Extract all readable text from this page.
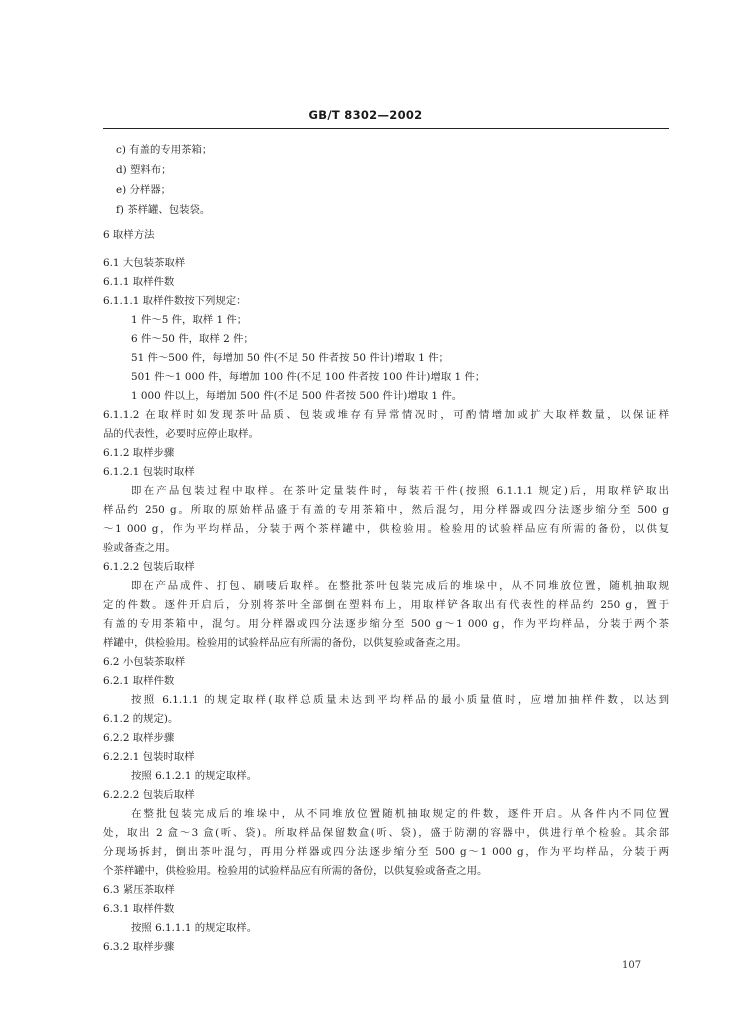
GB/T 8302—2002
c) 有盖的专用茶箱；
d) 塑料布；
e) 分样器；
f) 茶样罐、包装袋。
6 取样方法
6.1 大包装茶取样
6.1.1 取样件数
6.1.1.1 取样件数按下列规定：
1 件～5 件，取样 1 件；
6 件～50 件，取样 2 件；
51 件～500 件，每增加 50 件(不足 50 件者按 50 件计)增取 1 件；
501 件～1 000 件，每增加 100 件(不足 100 件者按 100 件计)增取 1 件；
1 000 件以上，每增加 500 件(不足 500 件者按 500 件计)增取 1 件。
6.1.1.2 在取样时如发现茶叶品质、包装或堆存有异常情况时，可酌情增加或扩大取样数量，以保证样
品的代表性，必要时应停止取样。
6.1.2 取样步骤
6.1.2.1 包装时取样
即在产品包装过程中取样。在茶叶定量装件时，每装若干件(按照 6.1.1.1 规定)后，用取样铲取出
样品约 250 g。所取的原始样品盛于有盖的专用茶箱中，然后混匀，用分样器或四分法逐步缩分至 500 g
～1 000 g，作为平均样品，分装于两个茶样罐中，供检验用。检验用的试验样品应有所需的备份，以供复
验或备查之用。
6.1.2.2 包装后取样
即在产品成件、打包、刷唛后取样。在整批茶叶包装完成后的堆垛中，从不同堆放位置，随机抽取规
定的件数。逐件开启后，分别将茶叶全部倒在塑料布上，用取样铲各取出有代表性的样品约 250 g，置于
有盖的专用茶箱中，混匀。用分样器或四分法逐步缩分至 500 g～1 000 g，作为平均样品，分装于两个茶
样罐中，供检验用。检验用的试验样品应有所需的备份，以供复验或备查之用。
6.2 小包装茶取样
6.2.1 取样件数
按照 6.1.1.1 的规定取样(取样总质量未达到平均样品的最小质量值时，应增加抽样件数，以达到
6.1.2 的规定)。
6.2.2 取样步骤
6.2.2.1 包装时取样
按照 6.1.2.1 的规定取样。
6.2.2.2 包装后取样
在整批包装完成后的堆垛中，从不同堆放位置随机抽取规定的件数，逐件开启。从各件内不同位置
处，取出 2 盒～3 盒(听、袋)。所取样品保留数盒(听、袋)，盛于防潮的容器中，供进行单个检验。其余部
分现场拆封，倒出茶叶混匀，再用分样器或四分法逐步缩分至 500 g～1 000 g，作为平均样品，分装于两
个茶样罐中，供检验用。检验用的试验样品应有所需的备份，以供复验或备查之用。
6.3 紧压茶取样
6.3.1 取样件数
按照 6.1.1.1 的规定取样。
6.3.2 取样步骤
107
